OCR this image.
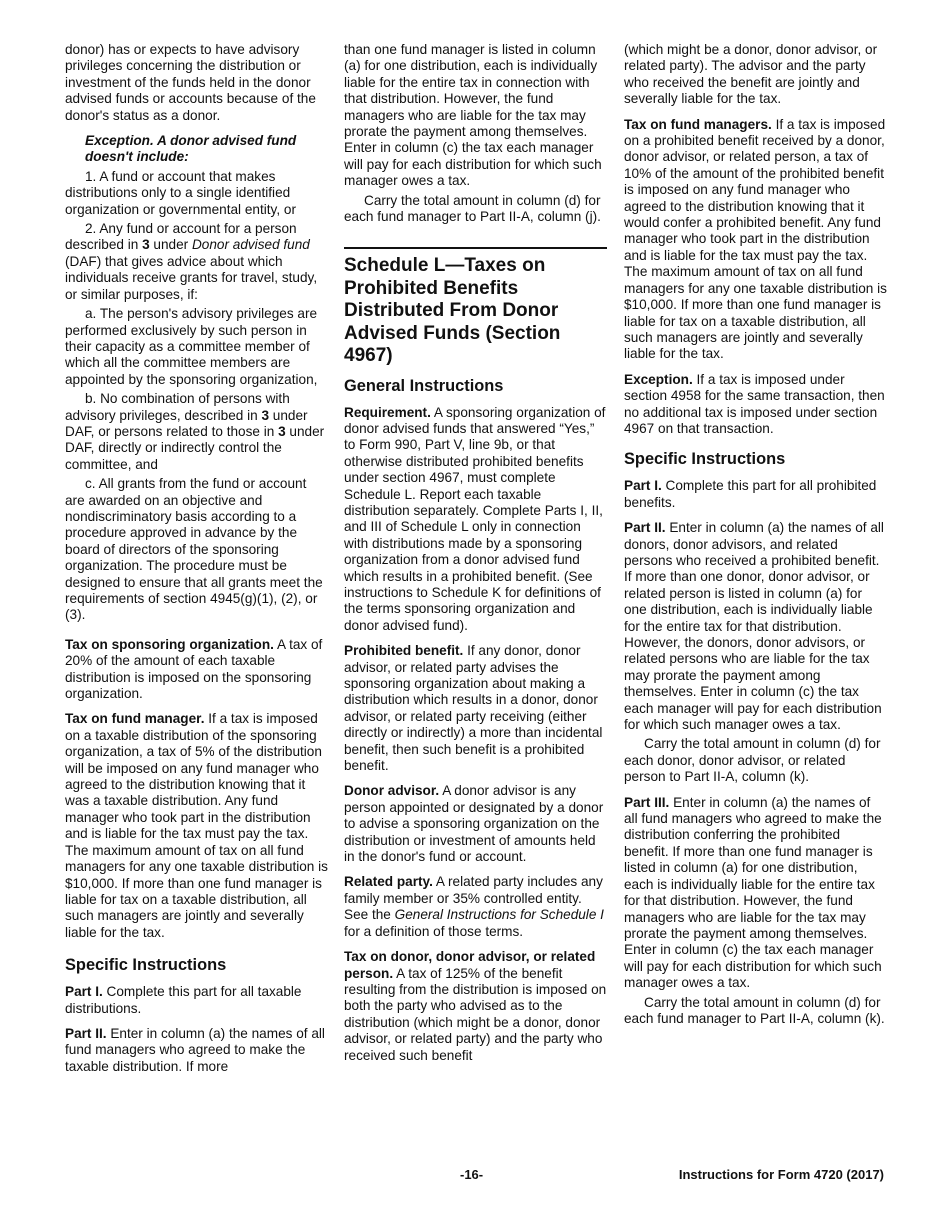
donor) has or expects to have advisory privileges concerning the distribution or investment of the funds held in the donor advised funds or accounts because of the donor's status as a donor.

Exception. A donor advised fund doesn't include:

1. A fund or account that makes distributions only to a single identified organization or governmental entity, or

2. Any fund or account for a person described in 3 under Donor advised fund (DAF) that gives advice about which individuals receive grants for travel, study, or similar purposes, if:

a. The person's advisory privileges are performed exclusively by such person in their capacity as a committee member of which all the committee members are appointed by the sponsoring organization,

b. No combination of persons with advisory privileges, described in 3 under DAF, or persons related to those in 3 under DAF, directly or indirectly control the committee, and

c. All grants from the fund or account are awarded on an objective and nondiscriminatory basis according to a procedure approved in advance by the board of directors of the sponsoring organization. The procedure must be designed to ensure that all grants meet the requirements of section 4945(g)(1), (2), or (3).

Tax on sponsoring organization. A tax of 20% of the amount of each taxable distribution is imposed on the sponsoring organization.

Tax on fund manager. If a tax is imposed on a taxable distribution of the sponsoring organization, a tax of 5% of the distribution will be imposed on any fund manager who agreed to the distribution knowing that it was a taxable distribution. Any fund manager who took part in the distribution and is liable for the tax must pay the tax. The maximum amount of tax on all fund managers for any one taxable distribution is $10,000. If more than one fund manager is liable for tax on a taxable distribution, all such managers are jointly and severally liable for the tax.

Specific Instructions

Part I. Complete this part for all taxable distributions.

Part II. Enter in column (a) the names of all fund managers who agreed to make the taxable distribution. If more

than one fund manager is listed in column (a) for one distribution, each is individually liable for the entire tax in connection with that distribution. However, the fund managers who are liable for the tax may prorate the payment among themselves. Enter in column (c) the tax each manager will pay for each distribution for which such manager owes a tax.

Carry the total amount in column (d) for each fund manager to Part II-A, column (j).

Schedule L—Taxes on Prohibited Benefits Distributed From Donor Advised Funds (Section 4967)
General Instructions

Requirement. A sponsoring organization of donor advised funds that answered “Yes,” to Form 990, Part V, line 9b, or that otherwise distributed prohibited benefits under section 4967, must complete Schedule L. Report each taxable distribution separately. Complete Parts I, II, and III of Schedule L only in connection with distributions made by a sponsoring organization from a donor advised fund which results in a prohibited benefit. (See instructions to Schedule K for definitions of the terms sponsoring organization and donor advised fund).

Prohibited benefit. If any donor, donor advisor, or related party advises the sponsoring organization about making a distribution which results in a donor, donor advisor, or related party receiving (either directly or indirectly) a more than incidental benefit, then such benefit is a prohibited benefit.

Donor advisor. A donor advisor is any person appointed or designated by a donor to advise a sponsoring organization on the distribution or investment of amounts held in the donor's fund or account.

Related party. A related party includes any family member or 35% controlled entity. See the General Instructions for Schedule I for a definition of those terms.

Tax on donor, donor advisor, or related person. A tax of 125% of the benefit resulting from the distribution is imposed on both the party who advised as to the distribution (which might be a donor, donor advisor, or related party) and the party who received such benefit

(which might be a donor, donor advisor, or related party). The advisor and the party who received the benefit are jointly and severally liable for the tax.

Tax on fund managers. If a tax is imposed on a prohibited benefit received by a donor, donor advisor, or related person, a tax of 10% of the amount of the prohibited benefit is imposed on any fund manager who agreed to the distribution knowing that it would confer a prohibited benefit. Any fund manager who took part in the distribution and is liable for the tax must pay the tax. The maximum amount of tax on all fund managers for any one taxable distribution is $10,000. If more than one fund manager is liable for tax on a taxable distribution, all such managers are jointly and severally liable for the tax.

Exception. If a tax is imposed under section 4958 for the same transaction, then no additional tax is imposed under section 4967 on that transaction.

Specific Instructions

Part I. Complete this part for all prohibited benefits.

Part II. Enter in column (a) the names of all donors, donor advisors, and related persons who received a prohibited benefit. If more than one donor, donor advisor, or related person is listed in column (a) for one distribution, each is individually liable for the entire tax for that distribution. However, the donors, donor advisors, or related persons who are liable for the tax may prorate the payment among themselves. Enter in column (c) the tax each manager will pay for each distribution for which such manager owes a tax.

Carry the total amount in column (d) for each donor, donor advisor, or related person to Part II-A, column (k).

Part III. Enter in column (a) the names of all fund managers who agreed to make the distribution conferring the prohibited benefit. If more than one fund manager is listed in column (a) for one distribution, each is individually liable for the entire tax for that distribution. However, the fund managers who are liable for the tax may prorate the payment among themselves. Enter in column (c) the tax each manager will pay for each distribution for which such manager owes a tax.

Carry the total amount in column (d) for each fund manager to Part II-A, column (k).

-16-	Instructions for Form 4720 (2017)
